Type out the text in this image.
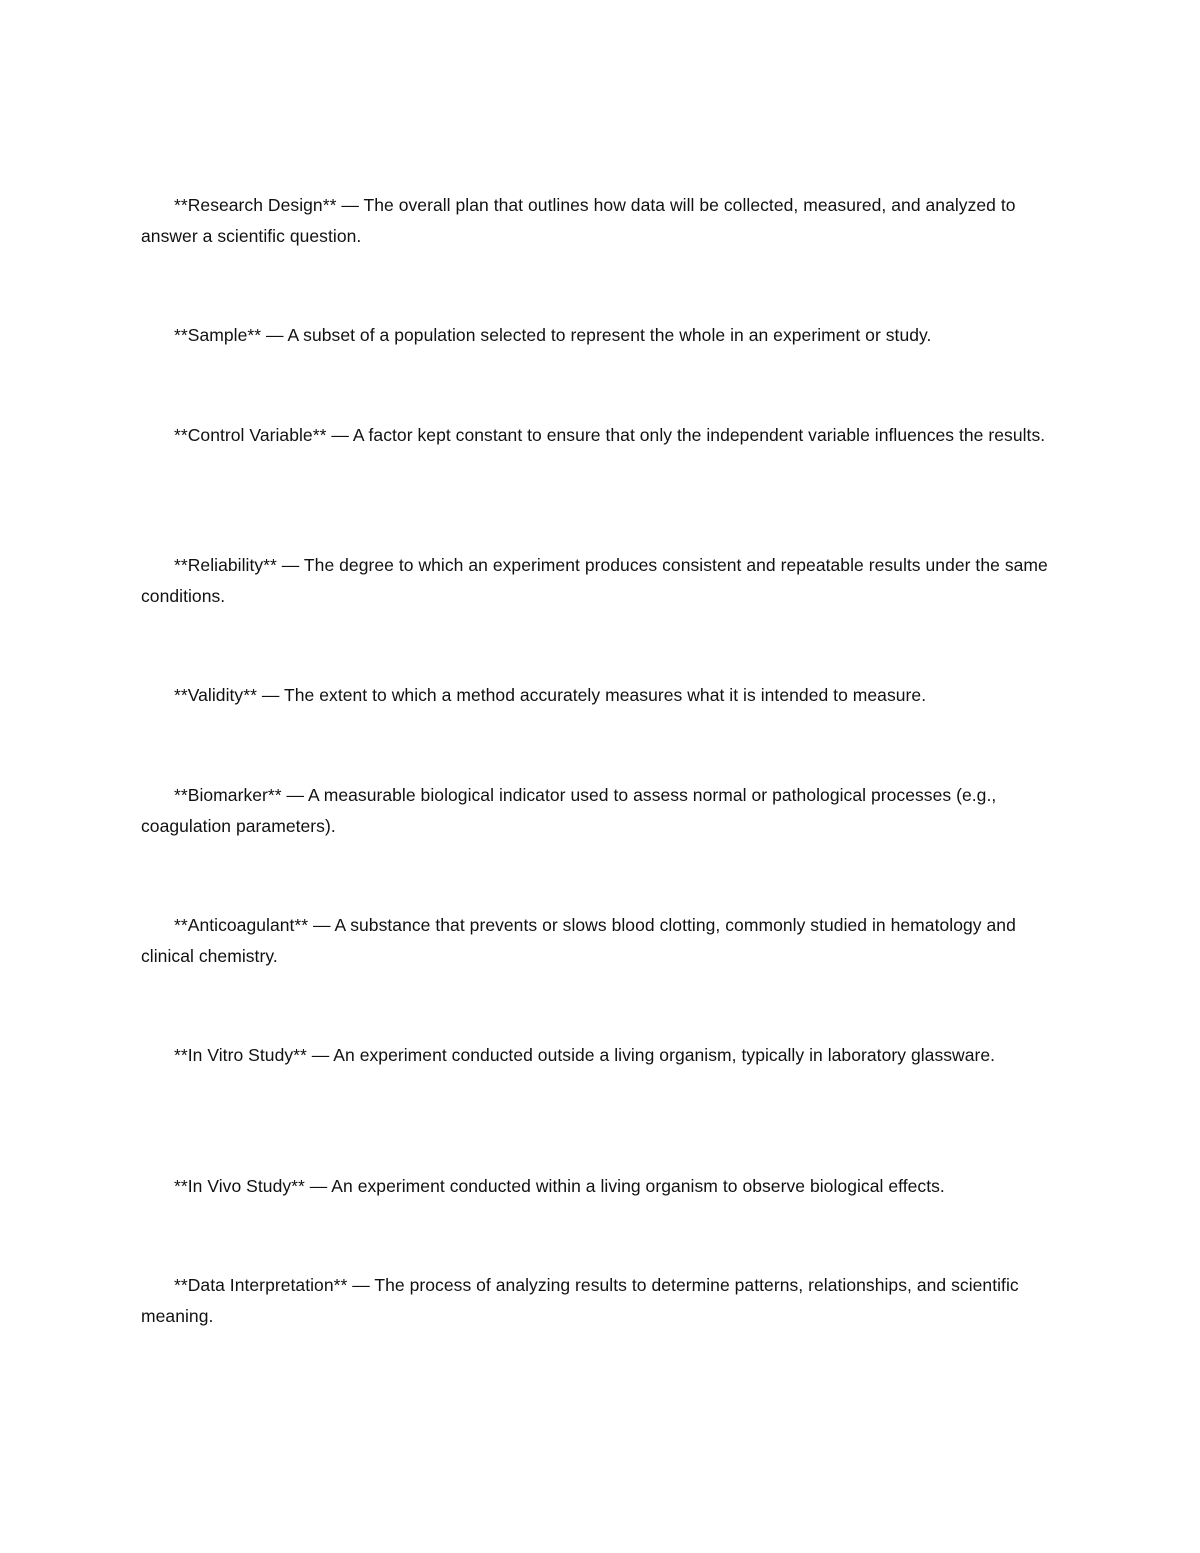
**Research Design** — The overall plan that outlines how data will be collected, measured, and analyzed to answer a scientific question.

**Sample** — A subset of a population selected to represent the whole in an experiment or study.

**Control Variable** — A factor kept constant to ensure that only the independent variable influences the results.

**Reliability** — The degree to which an experiment produces consistent and repeatable results under the same conditions.

**Validity** — The extent to which a method accurately measures what it is intended to measure.

**Biomarker** — A measurable biological indicator used to assess normal or pathological processes (e.g., coagulation parameters).

**Anticoagulant** — A substance that prevents or slows blood clotting, commonly studied in hematology and clinical chemistry.

**In Vitro Study** — An experiment conducted outside a living organism, typically in laboratory glassware.

**In Vivo Study** — An experiment conducted within a living organism to observe biological effects.

**Data Interpretation** — The process of analyzing results to determine patterns, relationships, and scientific meaning.
